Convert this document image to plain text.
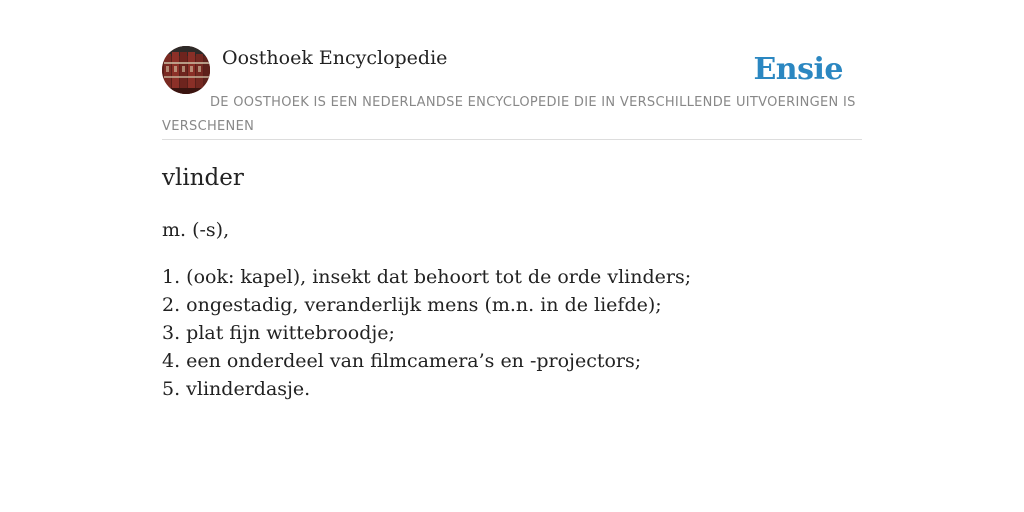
Oosthoek Encyclopedie	Ensie
DE OOSTHOEK IS EEN NEDERLANDSE ENCYCLOPEDIE DIE IN VERSCHILLENDE UITVOERINGEN IS VERSCHENEN
vlinder
m. (-s),
1. (ook: kapel), insekt dat behoort tot de orde vlinders;
2. ongestadig, veranderlijk mens (m.n. in de liefde);
3. plat fijn wittebroodje;
4. een onderdeel van filmcamera’s en -projectors;
5. vlinderdasje.
